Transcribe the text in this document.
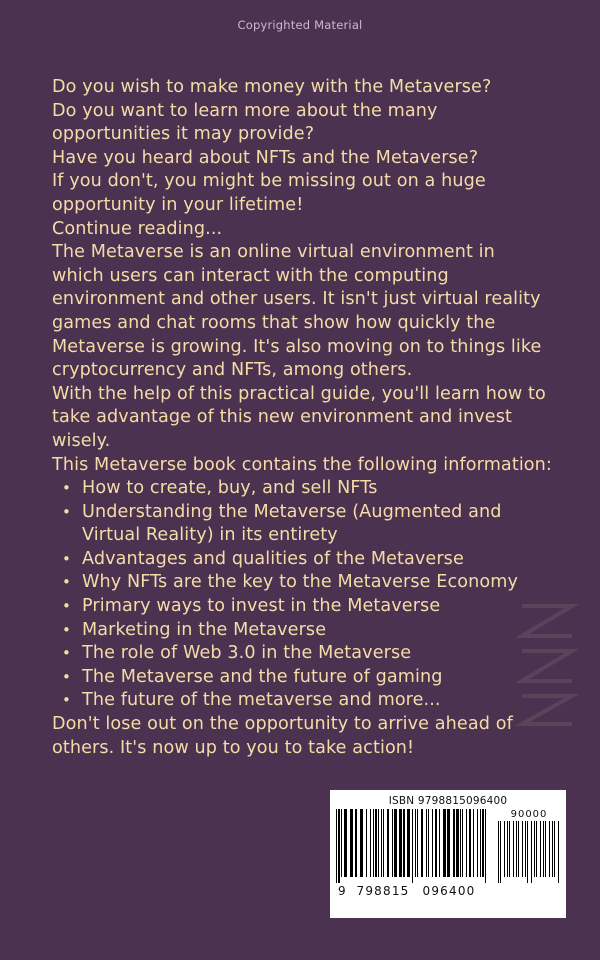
Copyrighted Material

Do you wish to make money with the Metaverse?

Do you want to learn more about the many opportunities it may provide?

Have you heard about NFTs and the Metaverse?

If you don't, you might be missing out on a huge opportunity in your lifetime!

Continue reading...

The Metaverse is an online virtual environment in which users can interact with the computing environment and other users. It isn't just virtual reality games and chat rooms that show how quickly the Metaverse is growing. It's also moving on to things like cryptocurrency and NFTs, among others.

With the help of this practical guide, you'll learn how to take advantage of this new environment and invest wisely.

This Metaverse book contains the following information:

• How to create, buy, and sell NFTs
• Understanding the Metaverse (Augmented and Virtual Reality) in its entirety
• Advantages and qualities of the Metaverse
• Why NFTs are the key to the Metaverse Economy
• Primary ways to invest in the Metaverse
• Marketing in the Metaverse
• The role of Web 3.0 in the Metaverse
• The Metaverse and the future of gaming
• The future of the metaverse and more...

Don't lose out on the opportunity to arrive ahead of others. It's now up to you to take action!

ISBN 9798815096400
90000
9 798815	096400
